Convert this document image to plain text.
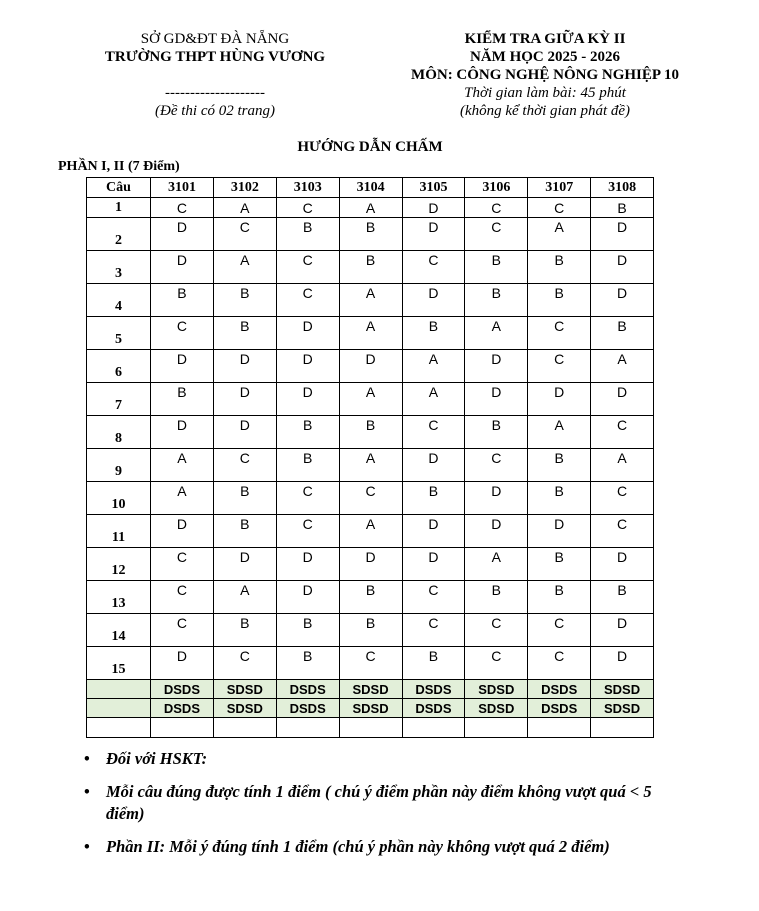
SỞ GD&ĐT ĐÀ NẴNG
TRƯỜNG THPT HÙNG VƯƠNG
--------------------
(Đề thi có 02 trang)
KIỂM TRA GIỮA KỲ II
NĂM HỌC 2025 - 2026
MÔN: CÔNG NGHỆ NÔNG NGHIỆP 10
Thời gian làm bài: 45 phút
(không kể thời gian phát đề)
HƯỚNG DẪN CHẤM
PHẦN I, II (7 Điểm)
Câu	3101	3102	3103	3104	3105	3106	3107	3108
1	C	A	C	A	D	C	C	B
2	D	C	B	B	D	C	A	D
3	D	A	C	B	C	B	B	D
4	B	B	C	A	D	B	B	D
5	C	B	D	A	B	A	C	B
6	D	D	D	D	A	D	C	A
7	B	D	D	A	A	D	D	D
8	D	D	B	B	C	B	A	C
9	A	C	B	A	D	C	B	A
10	A	B	C	C	B	D	B	C
11	D	B	C	A	D	D	D	C
12	C	D	D	D	D	A	B	D
13	C	A	D	B	C	B	B	B
14	C	B	B	B	C	C	C	D
15	D	C	B	C	B	C	C	D
	DSDS	SDSD	DSDS	SDSD	DSDS	SDSD	DSDS	SDSD
	DSDS	SDSD	DSDS	SDSD	DSDS	SDSD	DSDS	SDSD

• Đối với HSKT:
• Mỗi câu đúng được tính 1 điểm ( chú ý điểm phần này điểm không vượt quá < 5 điểm)
• Phần II: Mỗi ý đúng tính 1 điểm (chú ý phần này không vượt quá 2 điểm)
